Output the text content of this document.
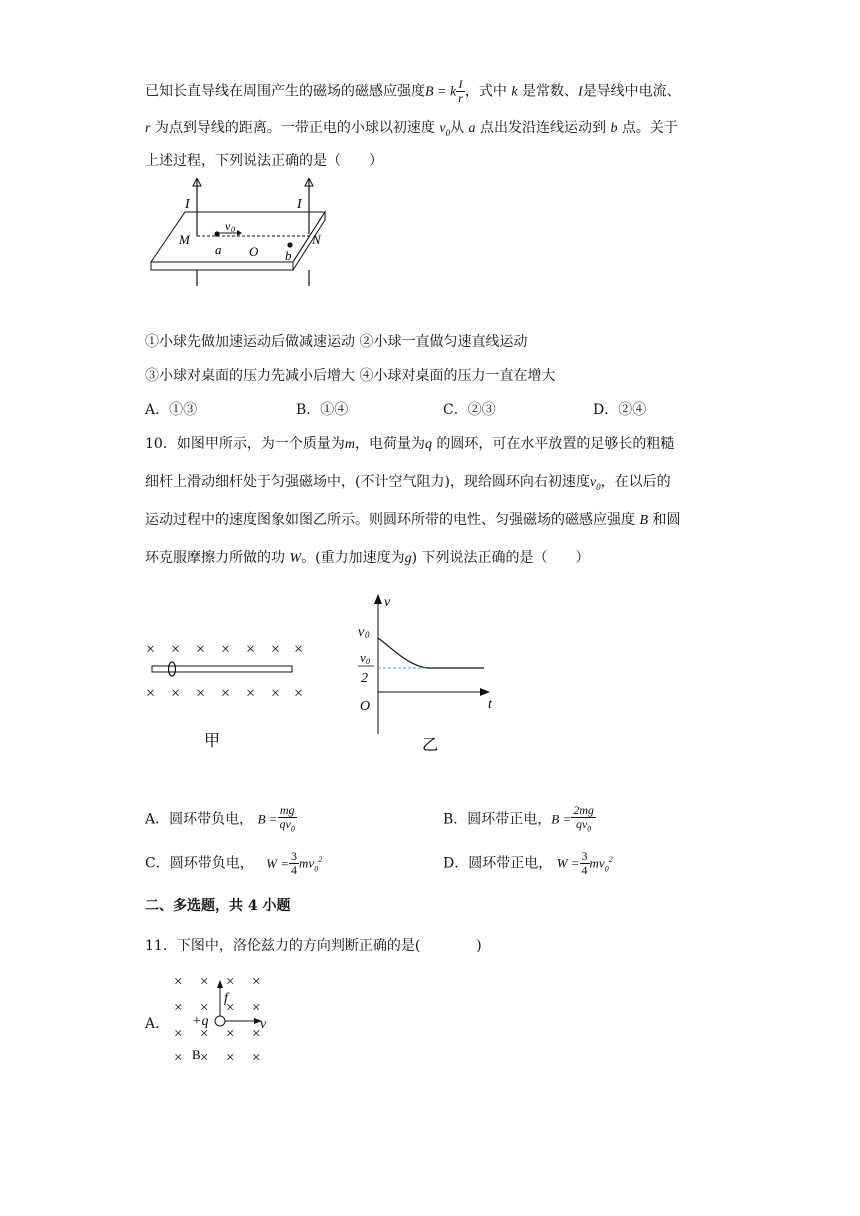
已知长直导线在周围产生的磁场的磁感应强度B = k $\frac{I}{r}$ ，式中 k 是常数、I是导线中电流、
r 为点到导线的距离。一带正电的小球以初速度 $v_0$从 a 点出发沿连线运动到 b 点。关于
上述过程，下列说法正确的是（　　）
I	I
M	N
v 0
a O b
①小球先做加速运动后做减速运动 ②小球一直做匀速直线运动
③小球对桌面的压力先减小后增大 ④小球对桌面的压力一直在增大
A．①③	B．①④	C．②③	D．②④
10．如图甲所示，为一个质量为m，电荷量为q 的圆环，可在水平放置的足够长的粗糙
细杆上滑动细杆处于匀强磁场中，(不计空气阻力)，现给圆环向右初速度$v_0$，在以后的
运动过程中的速度图象如图乙所示。则圆环所带的电性、匀强磁场的磁感应强度 B 和圆
环克服摩擦力所做的功 W。(重力加速度为g) 下列说法正确的是（　　）
× × × × × × ×
× × × × × × ×
甲
v
t
O
v 0
v 0
2
乙
A．圆环带负电， $B = \frac{mg}{qv_0}$	B．圆环带正电，$B = \frac{2mg}{qv_0}$
C．圆环带负电， $W = \frac{3}{4} mv_0^2$	D．圆环带正电， $W = \frac{3}{4} mv_0^2$
二、多选题，共 4 小题
11．下图中，洛伦兹力的方向判断正确的是(　　　　)
A．
× × × ×
× × × ×
× × × ×
× × × ×
f
+q	v
B
